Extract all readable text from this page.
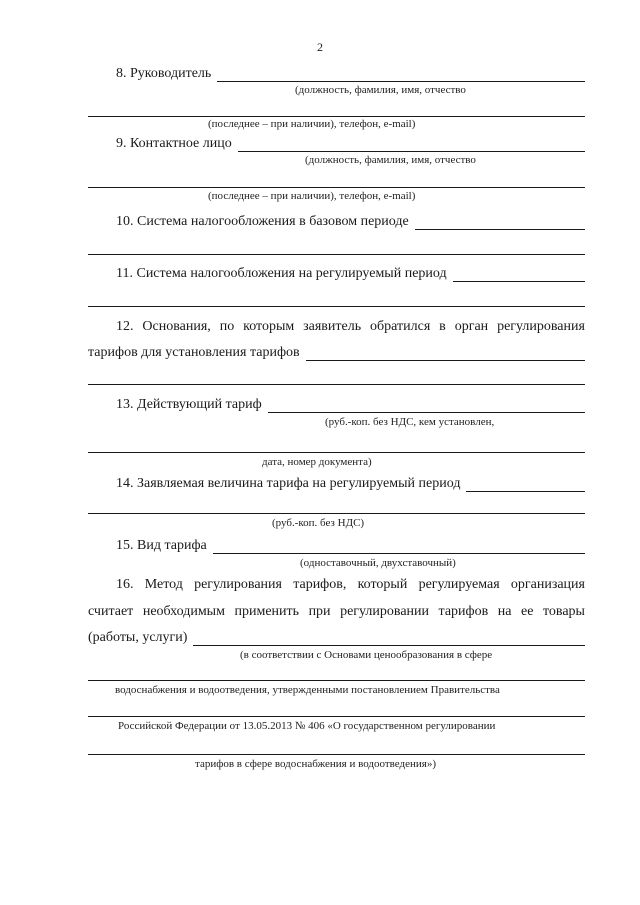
2
8. Руководитель
(должность, фамилия, имя, отчество
(последнее – при наличии), телефон, e-mail)
9. Контактное лицо
(должность, фамилия, имя, отчество
(последнее – при наличии), телефон, e-mail)
10. Система налогообложения в базовом периоде
11. Система налогообложения на регулируемый период
12. Основания, по которым заявитель обратился в орган регулирования
тарифов для установления тарифов
13. Действующий тариф
(руб.-коп. без НДС, кем установлен,
дата, номер документа)
14. Заявляемая величина тарифа на регулируемый период
(руб.-коп. без НДС)
15. Вид тарифа
(одноставочный, двухставочный)
16. Метод регулирования тарифов, который регулируемая организация
считает необходимым применить при регулировании тарифов на ее товары
(работы, услуги)
(в соответствии с Основами ценообразования в сфере
водоснабжения и водоотведения, утвержденными постановлением Правительства
Российской Федерации от 13.05.2013 № 406 «О государственном регулировании
тарифов в сфере водоснабжения и водоотведения»)
